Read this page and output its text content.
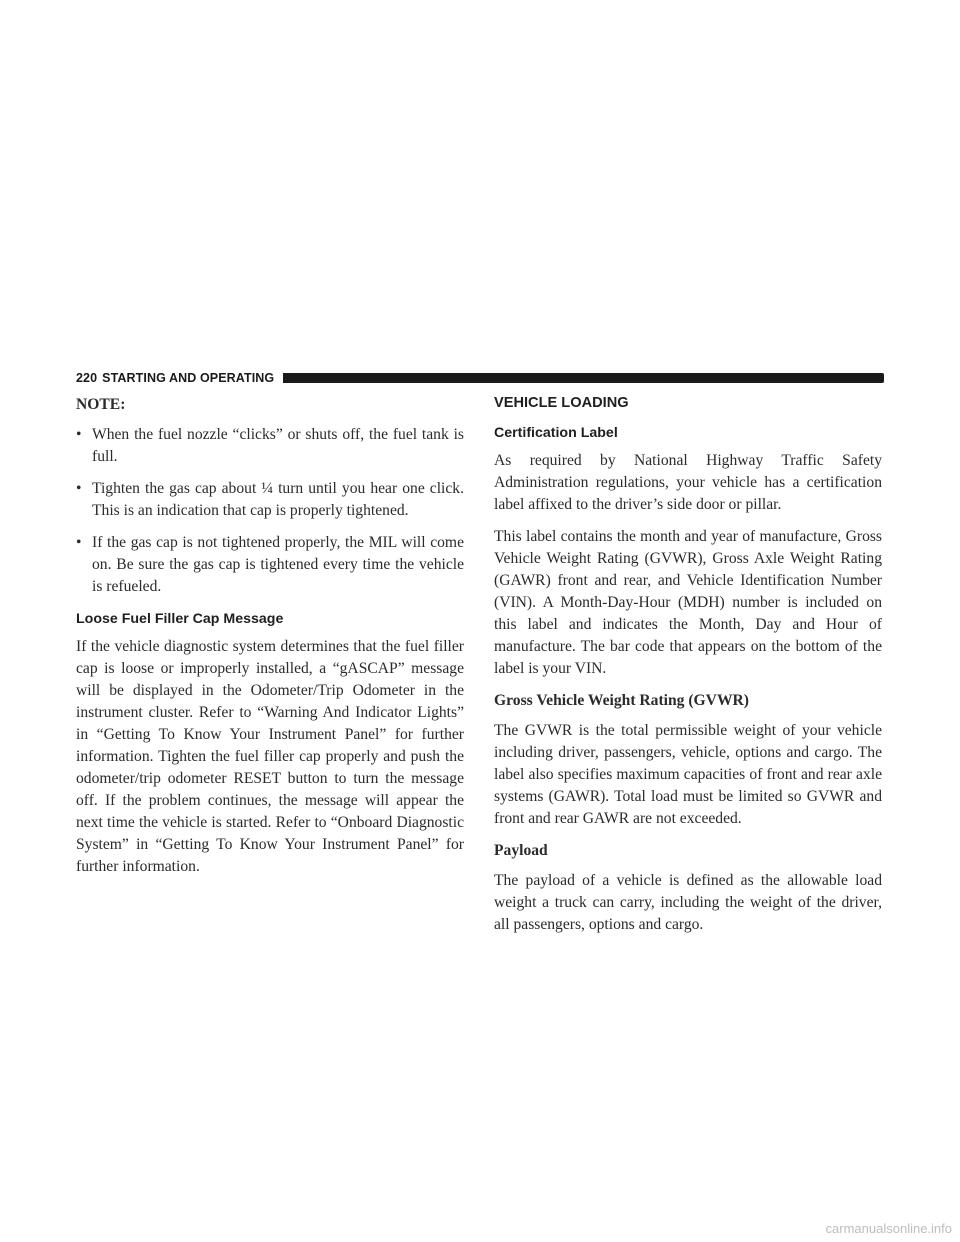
220 STARTING AND OPERATING
NOTE:
• When the fuel nozzle “clicks” or shuts off, the fuel tank is full.
• Tighten the gas cap about ¼ turn until you hear one click. This is an indication that cap is properly tightened.
• If the gas cap is not tightened properly, the MIL will come on. Be sure the gas cap is tightened every time the vehicle is refueled.
Loose Fuel Filler Cap Message

If the vehicle diagnostic system determines that the fuel filler cap is loose or improperly installed, a “gASCAP” message will be displayed in the Odometer/Trip Odometer in the instrument cluster. Refer to “Warning And Indicator Lights” in “Getting To Know Your Instrument Panel” for further information. Tighten the fuel filler cap properly and push the odometer/trip odometer RESET button to turn the message off. If the problem continues, the message will appear the next time the vehicle is started. Refer to “Onboard Diagnostic System” in “Getting To Know Your Instrument Panel” for further information.

VEHICLE LOADING
Certification Label

As required by National Highway Traffic Safety Administration regulations, your vehicle has a certification label affixed to the driver’s side door or pillar.

This label contains the month and year of manufacture, Gross Vehicle Weight Rating (GVWR), Gross Axle Weight Rating (GAWR) front and rear, and Vehicle Identification Number (VIN). A Month-Day-Hour (MDH) number is included on this label and indicates the Month, Day and Hour of manufacture. The bar code that appears on the bottom of the label is your VIN.

Gross Vehicle Weight Rating (GVWR)

The GVWR is the total permissible weight of your vehicle including driver, passengers, vehicle, options and cargo. The label also specifies maximum capacities of front and rear axle systems (GAWR). Total load must be limited so GVWR and front and rear GAWR are not exceeded.

Payload

The payload of a vehicle is defined as the allowable load weight a truck can carry, including the weight of the driver, all passengers, options and cargo.

carmanualsonline.info
